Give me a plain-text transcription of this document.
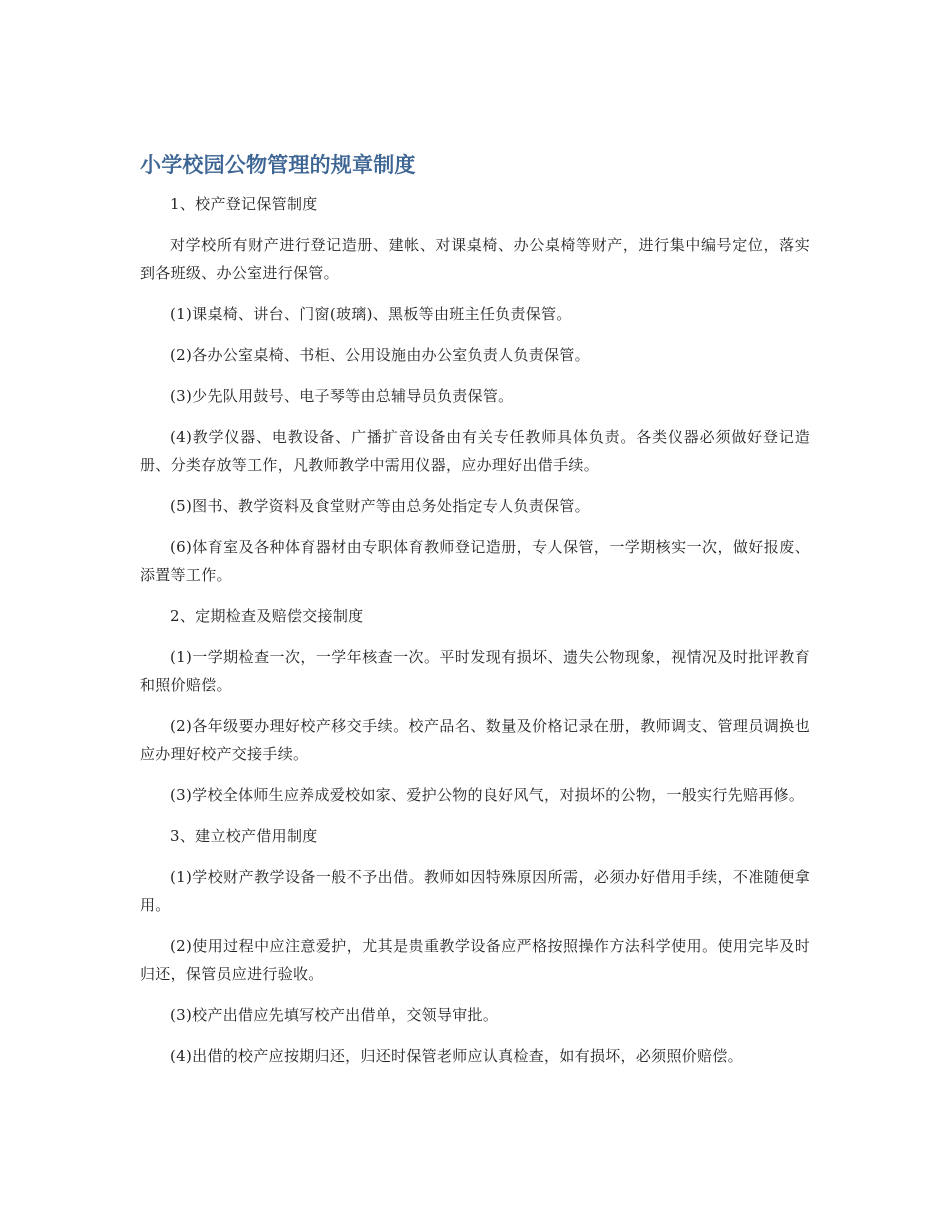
小学校园公物管理的规章制度

1、校产登记保管制度

对学校所有财产进行登记造册、建帐、对课桌椅、办公桌椅等财产，进行集中编号定位，落实到各班级、办公室进行保管。

(1)课桌椅、讲台、门窗(玻璃)、黑板等由班主任负责保管。

(2)各办公室桌椅、书柜、公用设施由办公室负责人负责保管。

(3)少先队用鼓号、电子琴等由总辅导员负责保管。

(4)教学仪器、电教设备、广播扩音设备由有关专任教师具体负责。各类仪器必须做好登记造册、分类存放等工作，凡教师教学中需用仪器，应办理好出借手续。

(5)图书、教学资料及食堂财产等由总务处指定专人负责保管。

(6)体育室及各种体育器材由专职体育教师登记造册，专人保管，一学期核实一次，做好报废、添置等工作。

2、定期检查及赔偿交接制度

(1)一学期检查一次，一学年核查一次。平时发现有损坏、遗失公物现象，视情况及时批评教育和照价赔偿。

(2)各年级要办理好校产移交手续。校产品名、数量及价格记录在册，教师调支、管理员调换也应办理好校产交接手续。

(3)学校全体师生应养成爱校如家、爱护公物的良好风气，对损坏的公物，一般实行先赔再修。

3、建立校产借用制度

(1)学校财产教学设备一般不予出借。教师如因特殊原因所需，必须办好借用手续，不准随便拿用。

(2)使用过程中应注意爱护，尤其是贵重教学设备应严格按照操作方法科学使用。使用完毕及时归还，保管员应进行验收。

(3)校产出借应先填写校产出借单，交领导审批。

(4)出借的校产应按期归还，归还时保管老师应认真检查，如有损坏，必须照价赔偿。
